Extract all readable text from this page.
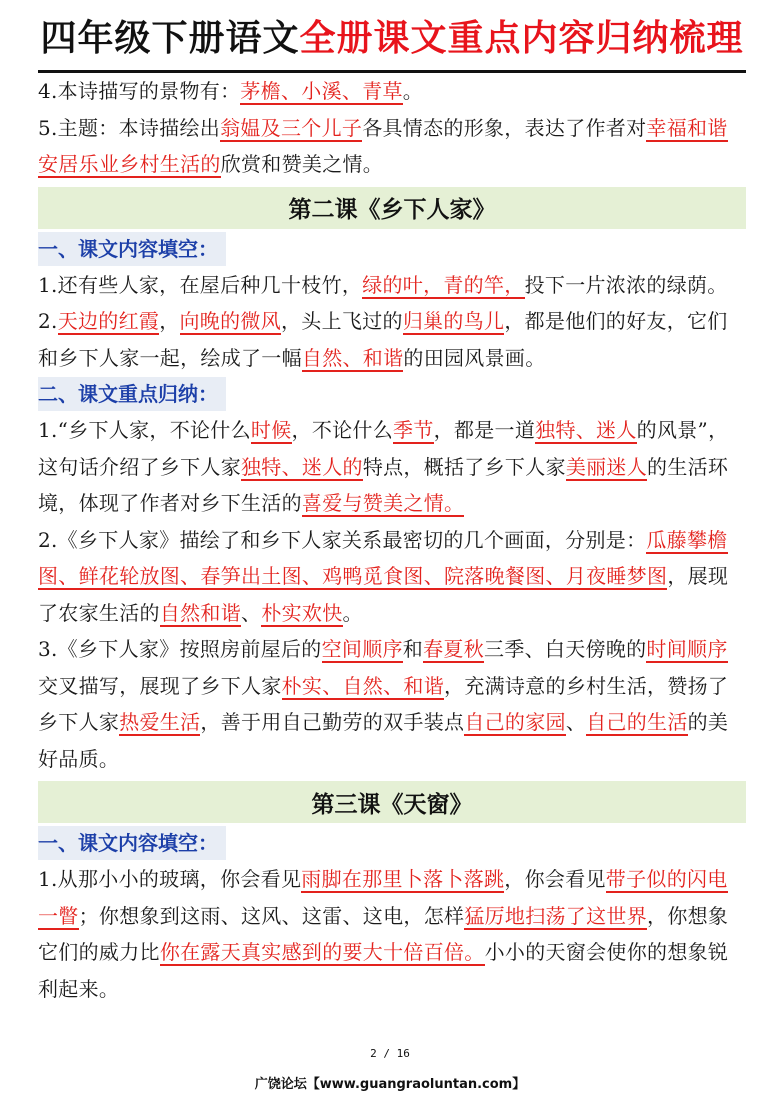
四年级下册语文 全册课文重点内容归纳梳理

4.本诗描写的景物有：茅檐、小溪、青草。

5.主题：本诗描绘出翁媪及三个儿子各具情态的形象，表达了作者对幸福和谐安居乐业乡村生活的欣赏和赞美之情。

第二课《乡下人家》
一、课文内容填空：

1.还有些人家，在屋后种几十枝竹，绿的叶，青的竿，投下一片浓浓的绿荫。

2.天边的红霞，向晚的微风，头上飞过的归巢的鸟儿，都是他们的好友，它们和乡下人家一起，绘成了一幅自然、和谐的田园风景画。

二、课文重点归纳：

1.“乡下人家，不论什么时候，不论什么季节，都是一道独特、迷人的风景”，这句话介绍了乡下人家独特、迷人的特点，概括了乡下人家美丽迷人的生活环境，体现了作者对乡下生活的喜爱与赞美之情。

2.《乡下人家》描绘了和乡下人家关系最密切的几个画面，分别是：瓜藤攀檐图、鲜花轮放图、春笋出土图、鸡鸭觅食图、院落晚餐图、月夜睡梦图，展现了农家生活的自然和谐、朴实欢快。

3.《乡下人家》按照房前屋后的空间顺序和春夏秋三季、白天傍晚的时间顺序交叉描写，展现了乡下人家朴实、自然、和谐，充满诗意的乡村生活，赞扬了乡下人家热爱生活，善于用自己勤劳的双手装点自己的家园、自己的生活的美好品质。

第三课《天窗》
一、课文内容填空：

1.从那小小的玻璃，你会看见雨脚在那里卜落卜落跳，你会看见带子似的闪电一瞥；你想象到这雨、这风、这雷、这电，怎样猛厉地扫荡了这世界，你想象它们的威力比你在露天真实感到的要大十倍百倍。小小的天窗会使你的想象锐利起来。

2 / 16
广饶论坛【www.guangraoluntan.com】
